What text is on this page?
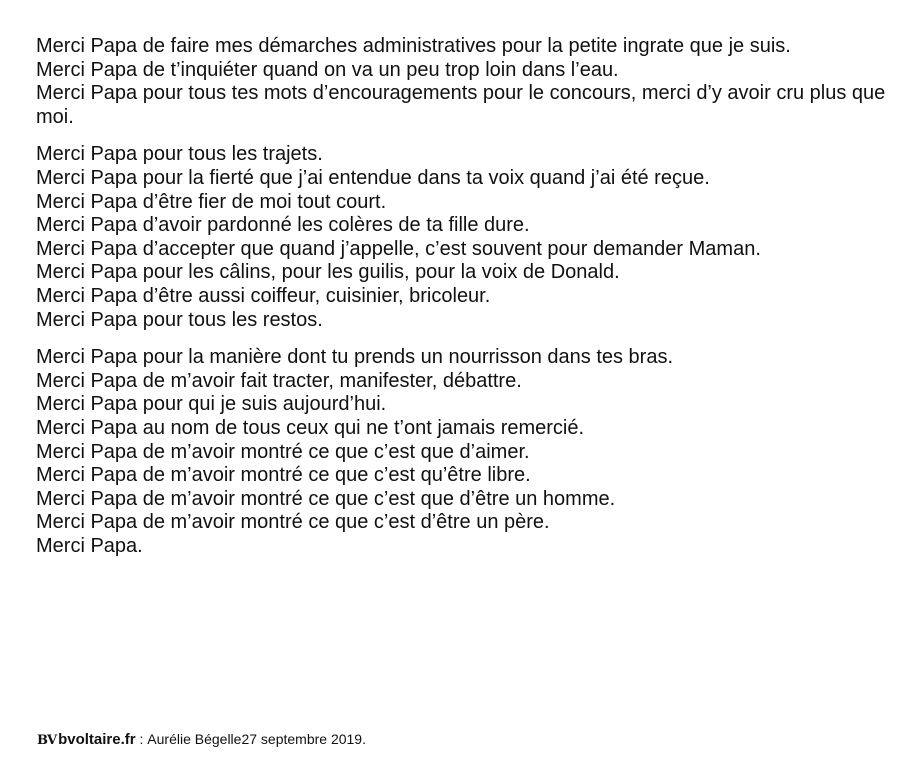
Merci Papa de faire mes démarches administratives pour la petite ingrate que je suis.

Merci Papa de t’inquiéter quand on va un peu trop loin dans l’eau.

Merci Papa pour tous tes mots d’encouragements pour le concours, merci d’y avoir cru plus que moi.

Merci Papa pour tous les trajets.

Merci Papa pour la fierté que j’ai entendue dans ta voix quand j’ai été reçue.

Merci Papa d’être fier de moi tout court.

Merci Papa d’avoir pardonné les colères de ta fille dure.

Merci Papa d’accepter que quand j’appelle, c’est souvent pour demander Maman.

Merci Papa pour les câlins, pour les guilis, pour la voix de Donald.

Merci Papa d’être aussi coiffeur, cuisinier, bricoleur.

Merci Papa pour tous les restos.

Merci Papa pour la manière dont tu prends un nourrisson dans tes bras.

Merci Papa de m’avoir fait tracter, manifester, débattre.

Merci Papa pour qui je suis aujourd’hui.

Merci Papa au nom de tous ceux qui ne t’ont jamais remercié.

Merci Papa de m’avoir montré ce que c’est que d’aimer.

Merci Papa de m’avoir montré ce que c’est qu’être libre.

Merci Papa de m’avoir montré ce que c’est que d’être un homme.

Merci Papa de m’avoir montré ce que c’est d’être un père.

Merci Papa.

BV bvoltaire.fr : Aurélie Bégelle 27 septembre 2019.
